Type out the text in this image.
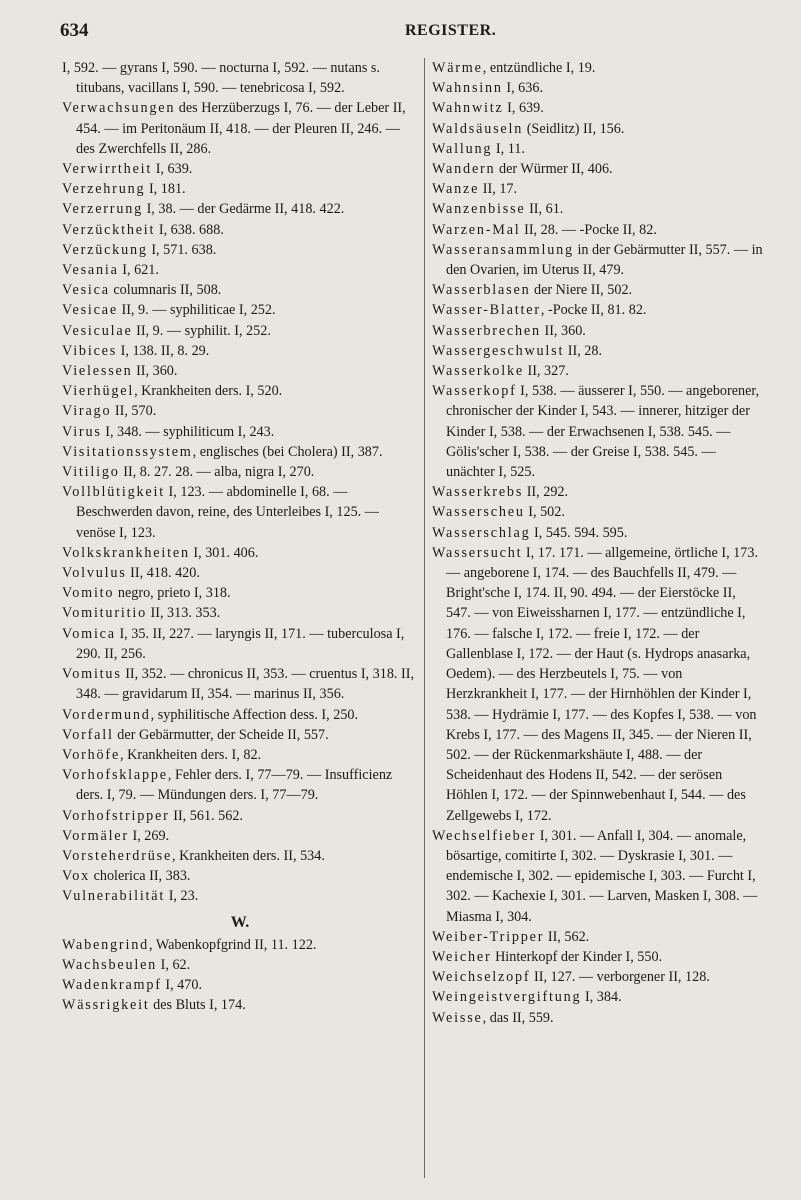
634	REGISTER.

I, 592. — gyrans I, 590. — nocturna I, 592. — nutans s. titubans, vacillans I, 590. — tenebricosa I, 592.

Verwachsungen des Herzüberzugs I, 76. — der Leber II, 454. — im Peritonäum II, 418. — der Pleuren II, 246. — des Zwerchfells II, 286.

Verwirrtheit I, 639.

Verzehrung I, 181.

Verzerrung I, 38. — der Gedärme II, 418. 422.

Verzücktheit I, 638. 688.

Verzückung I, 571. 638.

Vesania I, 621.

Vesica columnaris II, 508.

Vesicae II, 9. — syphiliticae I, 252.

Vesiculae II, 9. — syphilit. I, 252.

Vibices I, 138. II, 8. 29.

Vielessen II, 360.

Vierhügel, Krankheiten ders. I, 520.

Virago II, 570.

Virus I, 348. — syphiliticum I, 243.

Visitationssystem, englisches (bei Cholera) II, 387.

Vitiligo II, 8. 27. 28. — alba, nigra I, 270.

Vollblütigkeit I, 123. — abdominelle I, 68. — Beschwerden davon, reine, des Unterleibes I, 125. — venöse I, 123.

Volkskrankheiten I, 301. 406.

Volvulus II, 418. 420.

Vomito negro, prieto I, 318.

Vomituritio II, 313. 353.

Vomica I, 35. II, 227. — laryngis II, 171. — tuberculosa I, 290. II, 256.

Vomitus II, 352. — chronicus II, 353. — cruentus I, 318. II, 348. — gravidarum II, 354. — marinus II, 356.

Vordermund, syphilitische Affection dess. I, 250.

Vorfall der Gebärmutter, der Scheide II, 557.

Vorhöfe, Krankheiten ders. I, 82.

Vorhofsklappe, Fehler ders. I, 77—79. — Insufficienz ders. I, 79. — Mündungen ders. I, 77—79.

Vorhofstripper II, 561. 562.

Vormäler I, 269.

Vorsteherdrüse, Krankheiten ders. II, 534.

Vox cholerica II, 383.

Vulnerabilität I, 23.

W.

Wabengrind, Wabenkopfgrind II, 11. 122.

Wachsbeulen I, 62.

Wadenkrampf I, 470.

Wässrigkeit des Bluts I, 174.

Wärme, entzündliche I, 19.

Wahnsinn I, 636.

Wahnwitz I, 639.

Waldsäuseln (Seidlitz) II, 156.

Wallung I, 11.

Wandern der Würmer II, 406.

Wanze II, 17.

Wanzenbisse II, 61.

Warzen-Mal II, 28. — -Pocke II, 82.

Wasseransammlung in der Gebärmutter II, 557. — in den Ovarien, im Uterus II, 479.

Wasserblasen der Niere II, 502.

Wasser-Blatter, -Pocke II, 81. 82.

Wasserbrechen II, 360.

Wassergeschwulst II, 28.

Wasserkolke II, 327.

Wasserkopf I, 538. — äusserer I, 550. — angeborener, chronischer der Kinder I, 543. — innerer, hitziger der Kinder I, 538. — der Erwachsenen I, 538. 545. — Gölis'scher I, 538. — der Greise I, 538. 545. — unächter I, 525.

Wasserkrebs II, 292.

Wasserscheu I, 502.

Wasserschlag I, 545. 594. 595.

Wassersucht I, 17. 171. — allgemeine, örtliche I, 173. — angeborene I, 174. — des Bauchfells II, 479. — Bright'sche I, 174. II, 90. 494. — der Eierstöcke II, 547. — von Eiweissharnen I, 177. — entzündliche I, 176. — falsche I, 172. — freie I, 172. — der Gallenblase I, 172. — der Haut (s. Hydrops anasarka, Oedem). — des Herzbeutels I, 75. — von Herzkrankheit I, 177. — der Hirnhöhlen der Kinder I, 538. — Hydrämie I, 177. — des Kopfes I, 538. — von Krebs I, 177. — des Magens II, 345. — der Nieren II, 502. — der Rückenmarkshäute I, 488. — der Scheidenhaut des Hodens II, 542. — der serösen Höhlen I, 172. — der Spinnwebenhaut I, 544. — des Zellgewebs I, 172.

Wechselfieber I, 301. — Anfall I, 304. — anomale, bösartige, comitirte I, 302. — Dyskrasie I, 301. — endemische I, 302. — epidemische I, 303. — Furcht I, 302. — Kachexie I, 301. — Larven, Masken I, 308. — Miasma I, 304.

Weiber-Tripper II, 562.

Weicher Hinterkopf der Kinder I, 550.

Weichselzopf II, 127. — verborgener II, 128.

Weingeistvergiftung I, 384.

Weisse, das II, 559.
